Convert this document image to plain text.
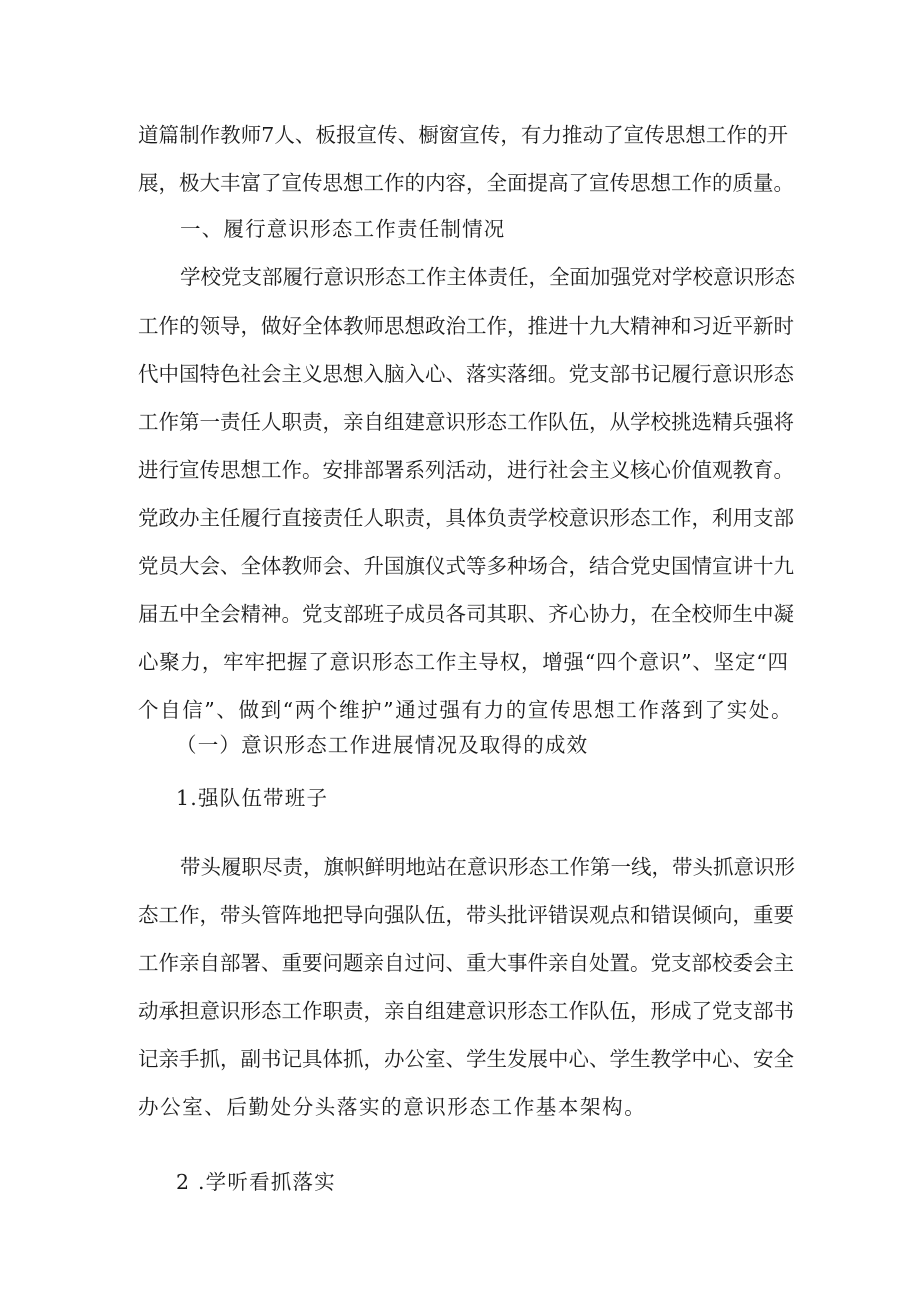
道篇制作教师7人、板报宣传、橱窗宣传，有力推动了宣传思想工作的开
展，极大丰富了宣传思想工作的内容，全面提高了宣传思想工作的质量。
一、履行意识形态工作责任制情况
学校党支部履行意识形态工作主体责任，全面加强党对学校意识形态
工作的领导，做好全体教师思想政治工作，推进十九大精神和习近平新时
代中国特色社会主义思想入脑入心、落实落细。党支部书记履行意识形态
工作第一责任人职责，亲自组建意识形态工作队伍，从学校挑选精兵强将
进行宣传思想工作。安排部署系列活动，进行社会主义核心价值观教育。
党政办主任履行直接责任人职责，具体负责学校意识形态工作，利用支部
党员大会、全体教师会、升国旗仪式等多种场合，结合党史国情宣讲十九
届五中全会精神。党支部班子成员各司其职、齐心协力，在全校师生中凝
心聚力，牢牢把握了意识形态工作主导权，增强“四个意识”、坚定“四
个自信”、做到“两个维护”通过强有力的宣传思想工作落到了实处。
（一）意识形态工作进展情况及取得的成效
1.强队伍带班子
带头履职尽责，旗帜鲜明地站在意识形态工作第一线，带头抓意识形
态工作，带头管阵地把导向强队伍，带头批评错误观点和错误倾向，重要
工作亲自部署、重要问题亲自过问、重大事件亲自处置。党支部校委会主
动承担意识形态工作职责，亲自组建意识形态工作队伍，形成了党支部书
记亲手抓，副书记具体抓，办公室、学生发展中心、学生教学中心、安全
办公室、后勤处分头落实的意识形态工作基本架构。
2 .学听看抓落实
